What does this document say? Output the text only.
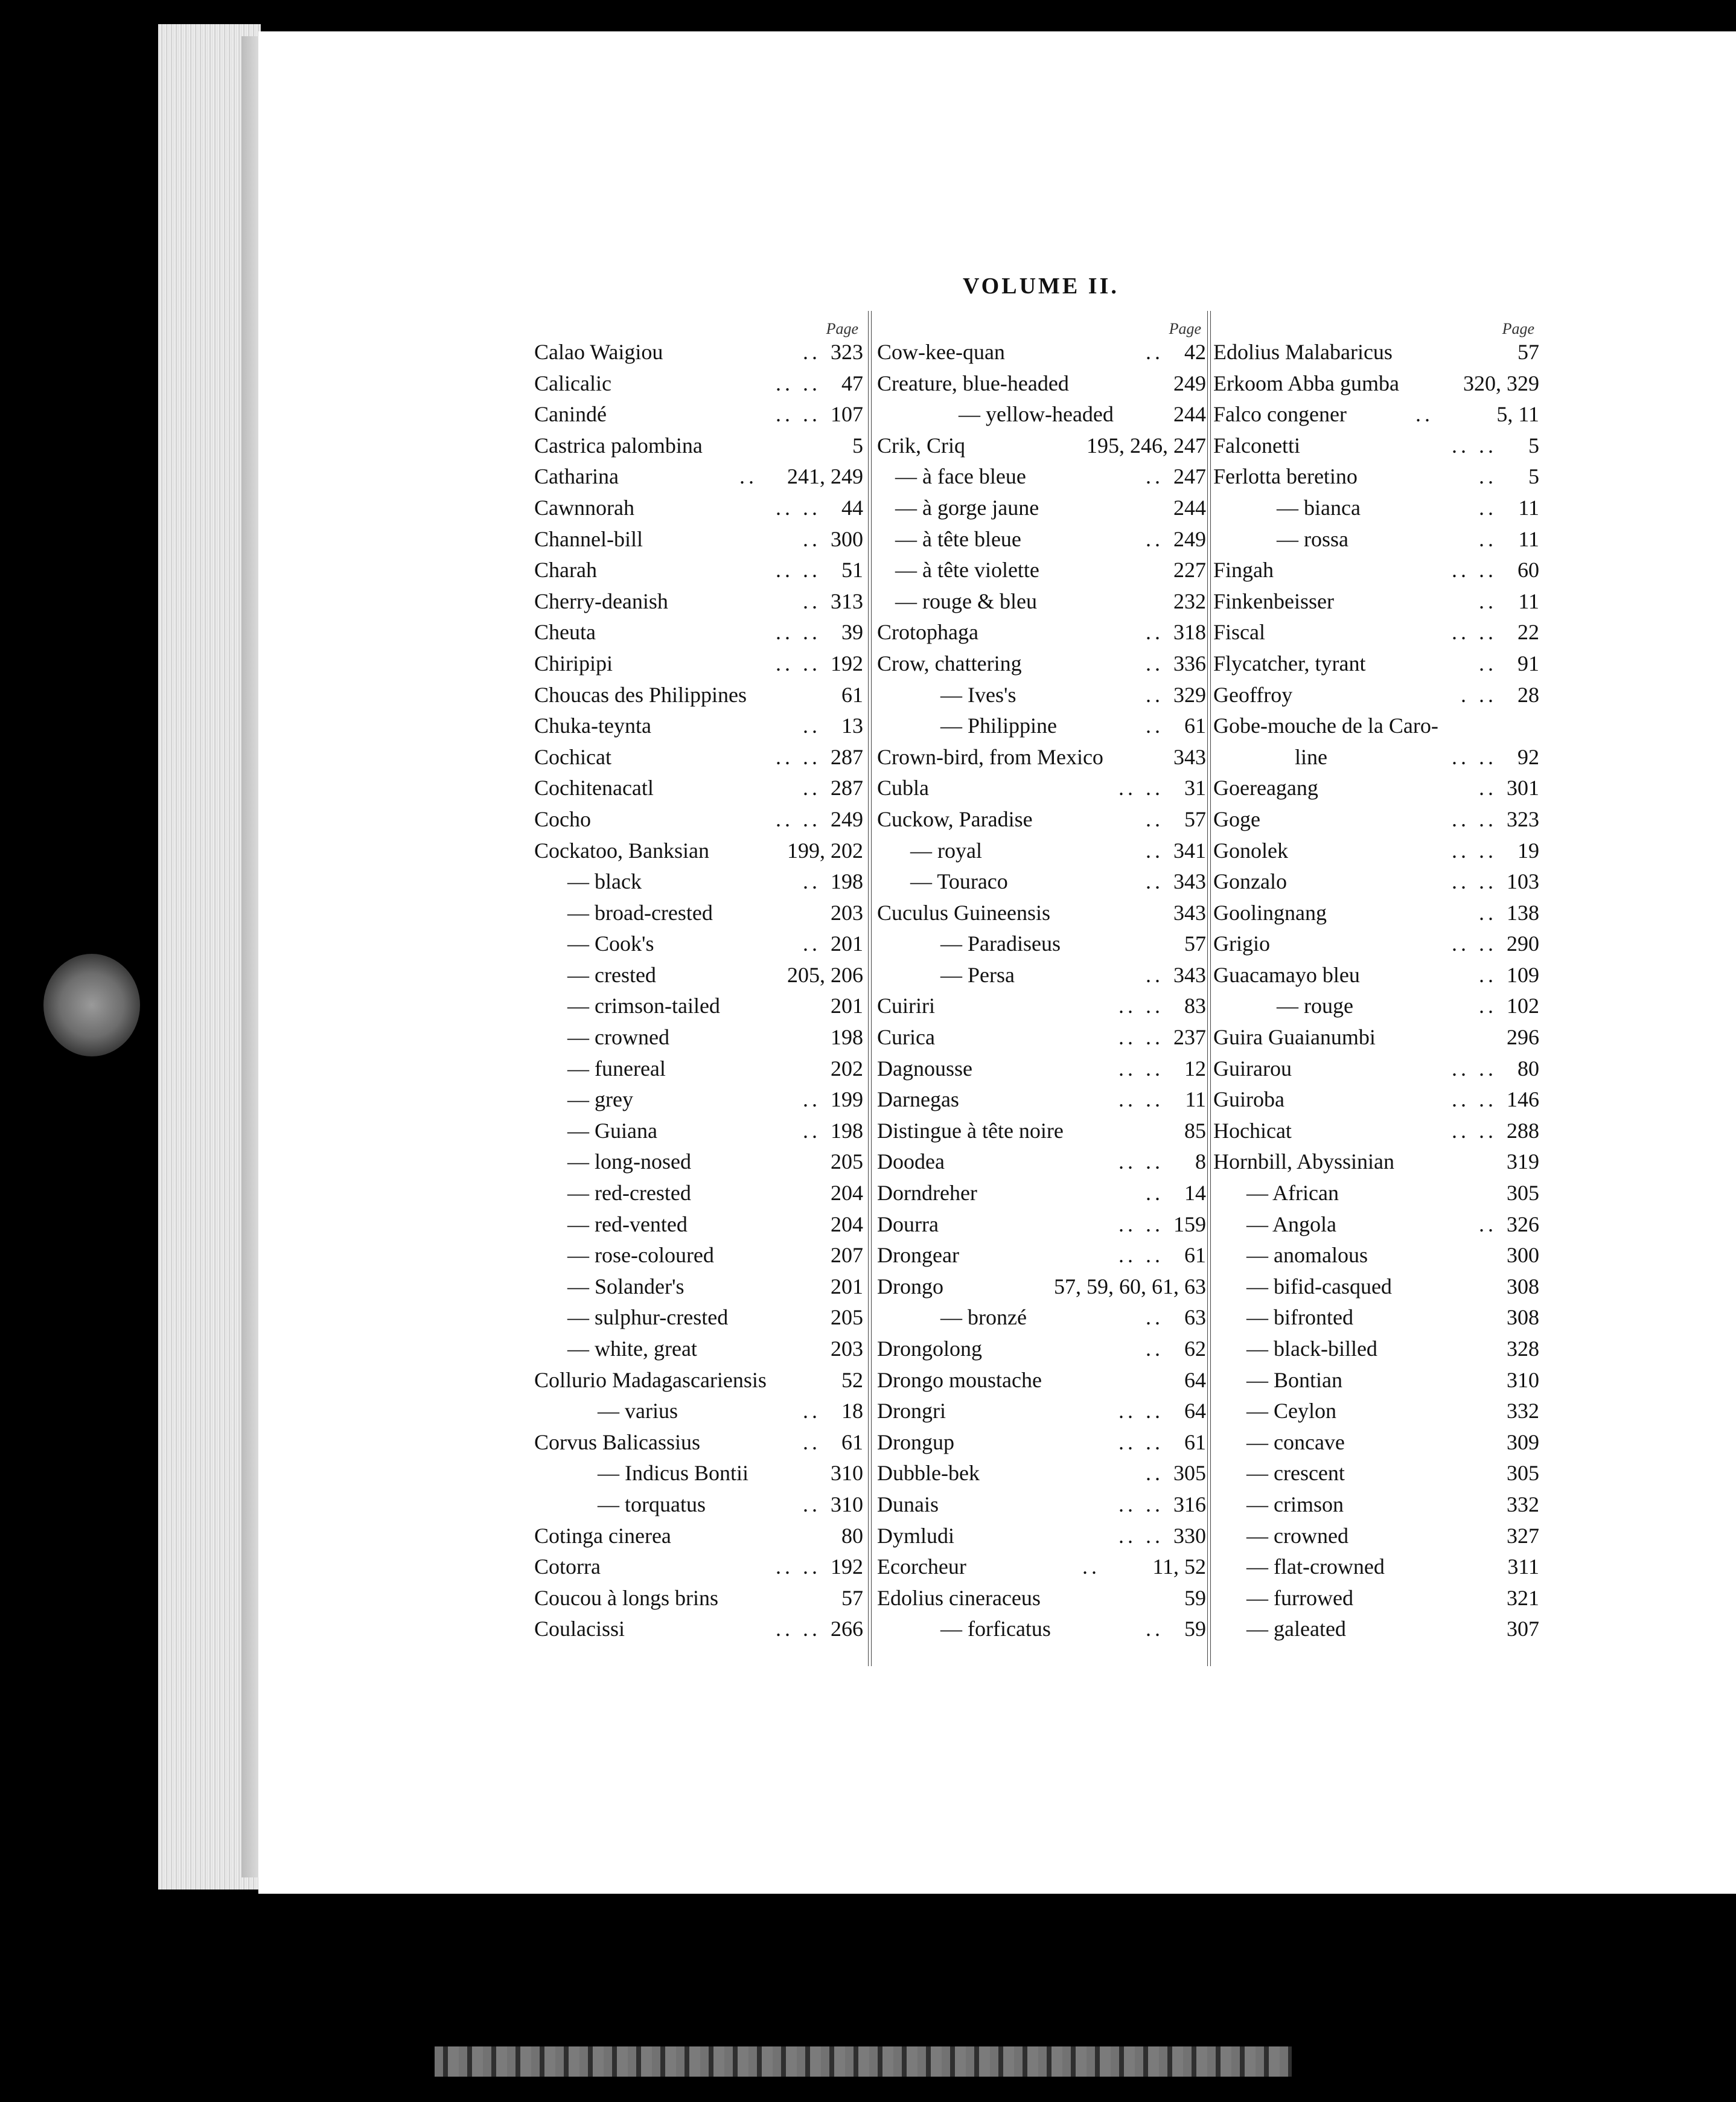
VOLUME II.
Page
Calao Waigiou	.. 323
Calicalic	.. .. 47
Canindé	.. .. 107
Castrica palombina	5
Catharina	.. 241, 249
Cawnnorah	.. .. 44
Channel-bill	.. 300
Charah	.. .. 51
Cherry-deanish	.. 313
Cheuta	.. .. 39
Chiripipi	.. .. 192
Choucas des Philippines	61
Chuka-teynta	.. 13
Cochicat	.. .. 287
Cochitenacatl	.. 287
Cocho	.. .. 249
Cockatoo, Banksian	199, 202
— black	.. 198
— broad-crested	203
— Cook's	.. 201
— crested	205, 206
— crimson-tailed	201
— crowned	198
— funereal	202
— grey	.. 199
— Guiana	.. 198
— long-nosed	205
— red-crested	204
— red-vented	204
— rose-coloured	207
— Solander's	201
— sulphur-crested	205
— white, great	203
Collurio Madagascariensis	52
— varius	.. 18
Corvus Balicassius	.. 61
— Indicus Bontii	310
— torquatus	.. 310
Cotinga cinerea	80
Cotorra	.. .. 192
Coucou à longs brins	57
Coulacissi	.. .. 266
Page
Cow-kee-quan	.. 42
Creature, blue-headed	249
— yellow-headed	244
Crik, Criq	195, 246, 247
— à face bleue	.. 247
— à gorge jaune	244
— à tête bleue	.. 249
— à tête violette	227
— rouge & bleu	232
Crotophaga	.. 318
Crow, chattering	.. 336
— Ives's	.. 329
— Philippine	.. 61
Crown-bird, from Mexico	343
Cubla	.. .. 31
Cuckow, Paradise	.. 57
— royal	.. 341
— Touraco	.. 343
Cuculus Guineensis	343
— Paradiseus	57
— Persa	.. 343
Cuiriri	.. .. 83
Curica	.. .. 237
Dagnousse	.. .. 12
Darnegas	.. .. 11
Distingue à tête noire	85
Doodea	.. .. 8
Dorndreher	.. 14
Dourra	.. .. 159
Drongear	.. .. 61
Drongo	57, 59, 60, 61, 63
— bronzé	.. 63
Drongolong	.. 62
Drongo moustache	64
Drongri	.. .. 64
Drongup	.. .. 61
Dubble-bek	.. 305
Dunais	.. .. 316
Dymludi	.. .. 330
Ecorcheur	.. 11, 52
Edolius cineraceus	59
— forficatus	.. 59
Page
Edolius Malabaricus	57
Erkoom Abba gumba	320, 329
Falco congener	..	5, 11
Falconetti	.. .. 5
Ferlotta beretino	.. 5
— bianca	.. 11
— rossa	.. 11
Fingah	.. .. 60
Finkenbeisser	.. 11
Fiscal	.. .. 22
Flycatcher, tyrant	.. 91
Geoffroy	. .. 28
Gobe-mouche de la Caro-
line	.. .. 92
Goereagang	.. 301
Goge	.. .. 323
Gonolek	.. .. 19
Gonzalo	.. .. 103
Goolingnang	.. 138
Grigio	.. .. 290
Guacamayo bleu	.. 109
— rouge	.. 102
Guira Guaianumbi	296
Guirarou	.. .. 80
Guiroba	.. .. 146
Hochicat	.. .. 288
Hornbill, Abyssinian	319
— African	305
— Angola	.. 326
— anomalous	300
— bifid-casqued	308
— bifronted	308
— black-billed	328
— Bontian	310
— Ceylon	332
— concave	309
— crescent	305
— crimson	332
— crowned	327
— flat-crowned	311
— furrowed	321
— galeated	307
